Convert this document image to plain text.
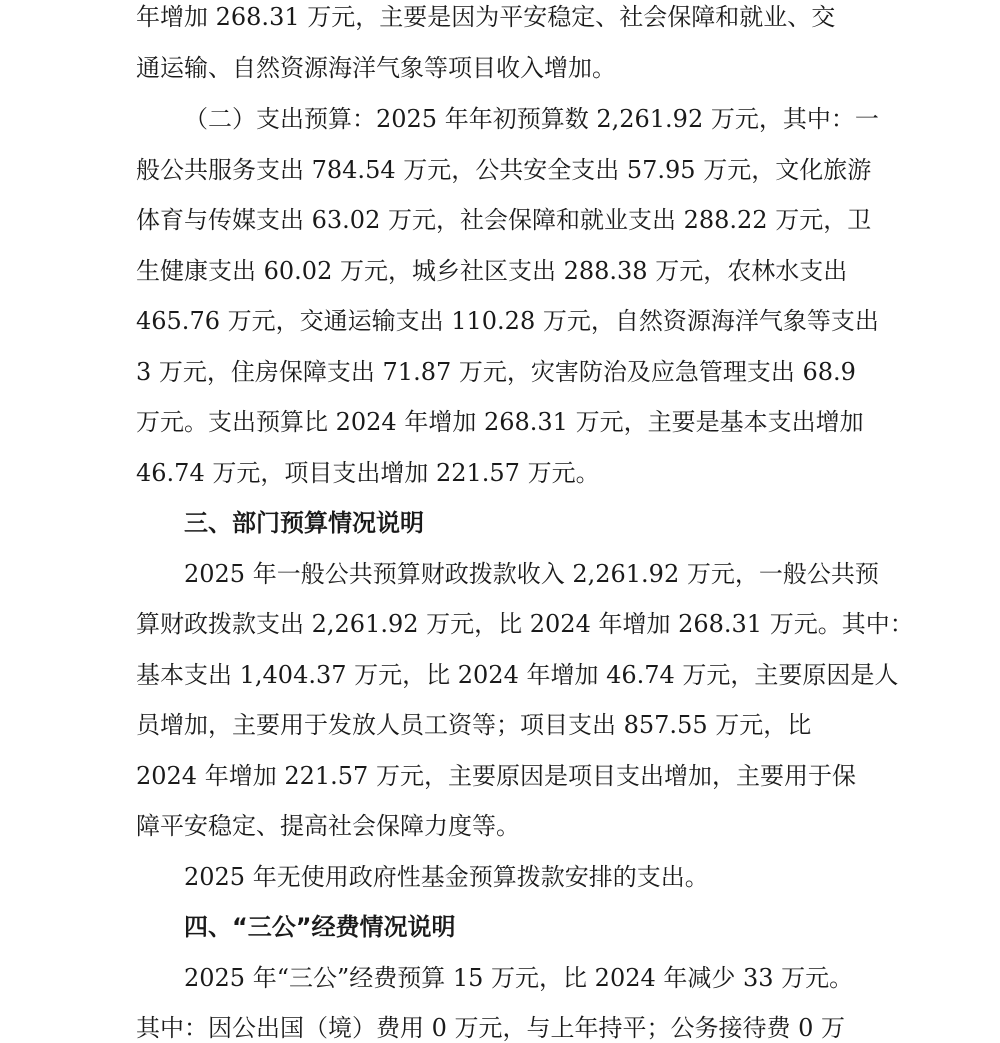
年增加 268.31 万元，主要是因为平安稳定、社会保障和就业、交
通运输、自然资源海洋气象等项目收入增加。
（二）支出预算：2025 年年初预算数 2,261.92 万元，其中：一
般公共服务支出 784.54 万元，公共安全支出 57.95 万元，文化旅游
体育与传媒支出 63.02 万元，社会保障和就业支出 288.22 万元，卫
生健康支出 60.02 万元，城乡社区支出 288.38 万元，农林水支出
465.76 万元，交通运输支出 110.28 万元，自然资源海洋气象等支出
3 万元，住房保障支出 71.87 万元，灾害防治及应急管理支出 68.9
万元。支出预算比 2024 年增加 268.31 万元，主要是基本支出增加
46.74 万元，项目支出增加 221.57 万元。
三、部门预算情况说明
2025 年一般公共预算财政拨款收入 2,261.92 万元，一般公共预
算财政拨款支出 2,261.92 万元，比 2024 年增加 268.31 万元。其中：
基本支出 1,404.37 万元，比 2024 年增加 46.74 万元，主要原因是人
员增加，主要用于发放人员工资等；项目支出 857.55 万元，比
2024 年增加 221.57 万元，主要原因是项目支出增加，主要用于保
障平安稳定、提高社会保障力度等。
2025 年无使用政府性基金预算拨款安排的支出。
四、“三公”经费情况说明
2025 年“三公”经费预算 15 万元，比 2024 年减少 33 万元。
其中：因公出国（境）费用 0 万元，与上年持平；公务接待费 0 万
